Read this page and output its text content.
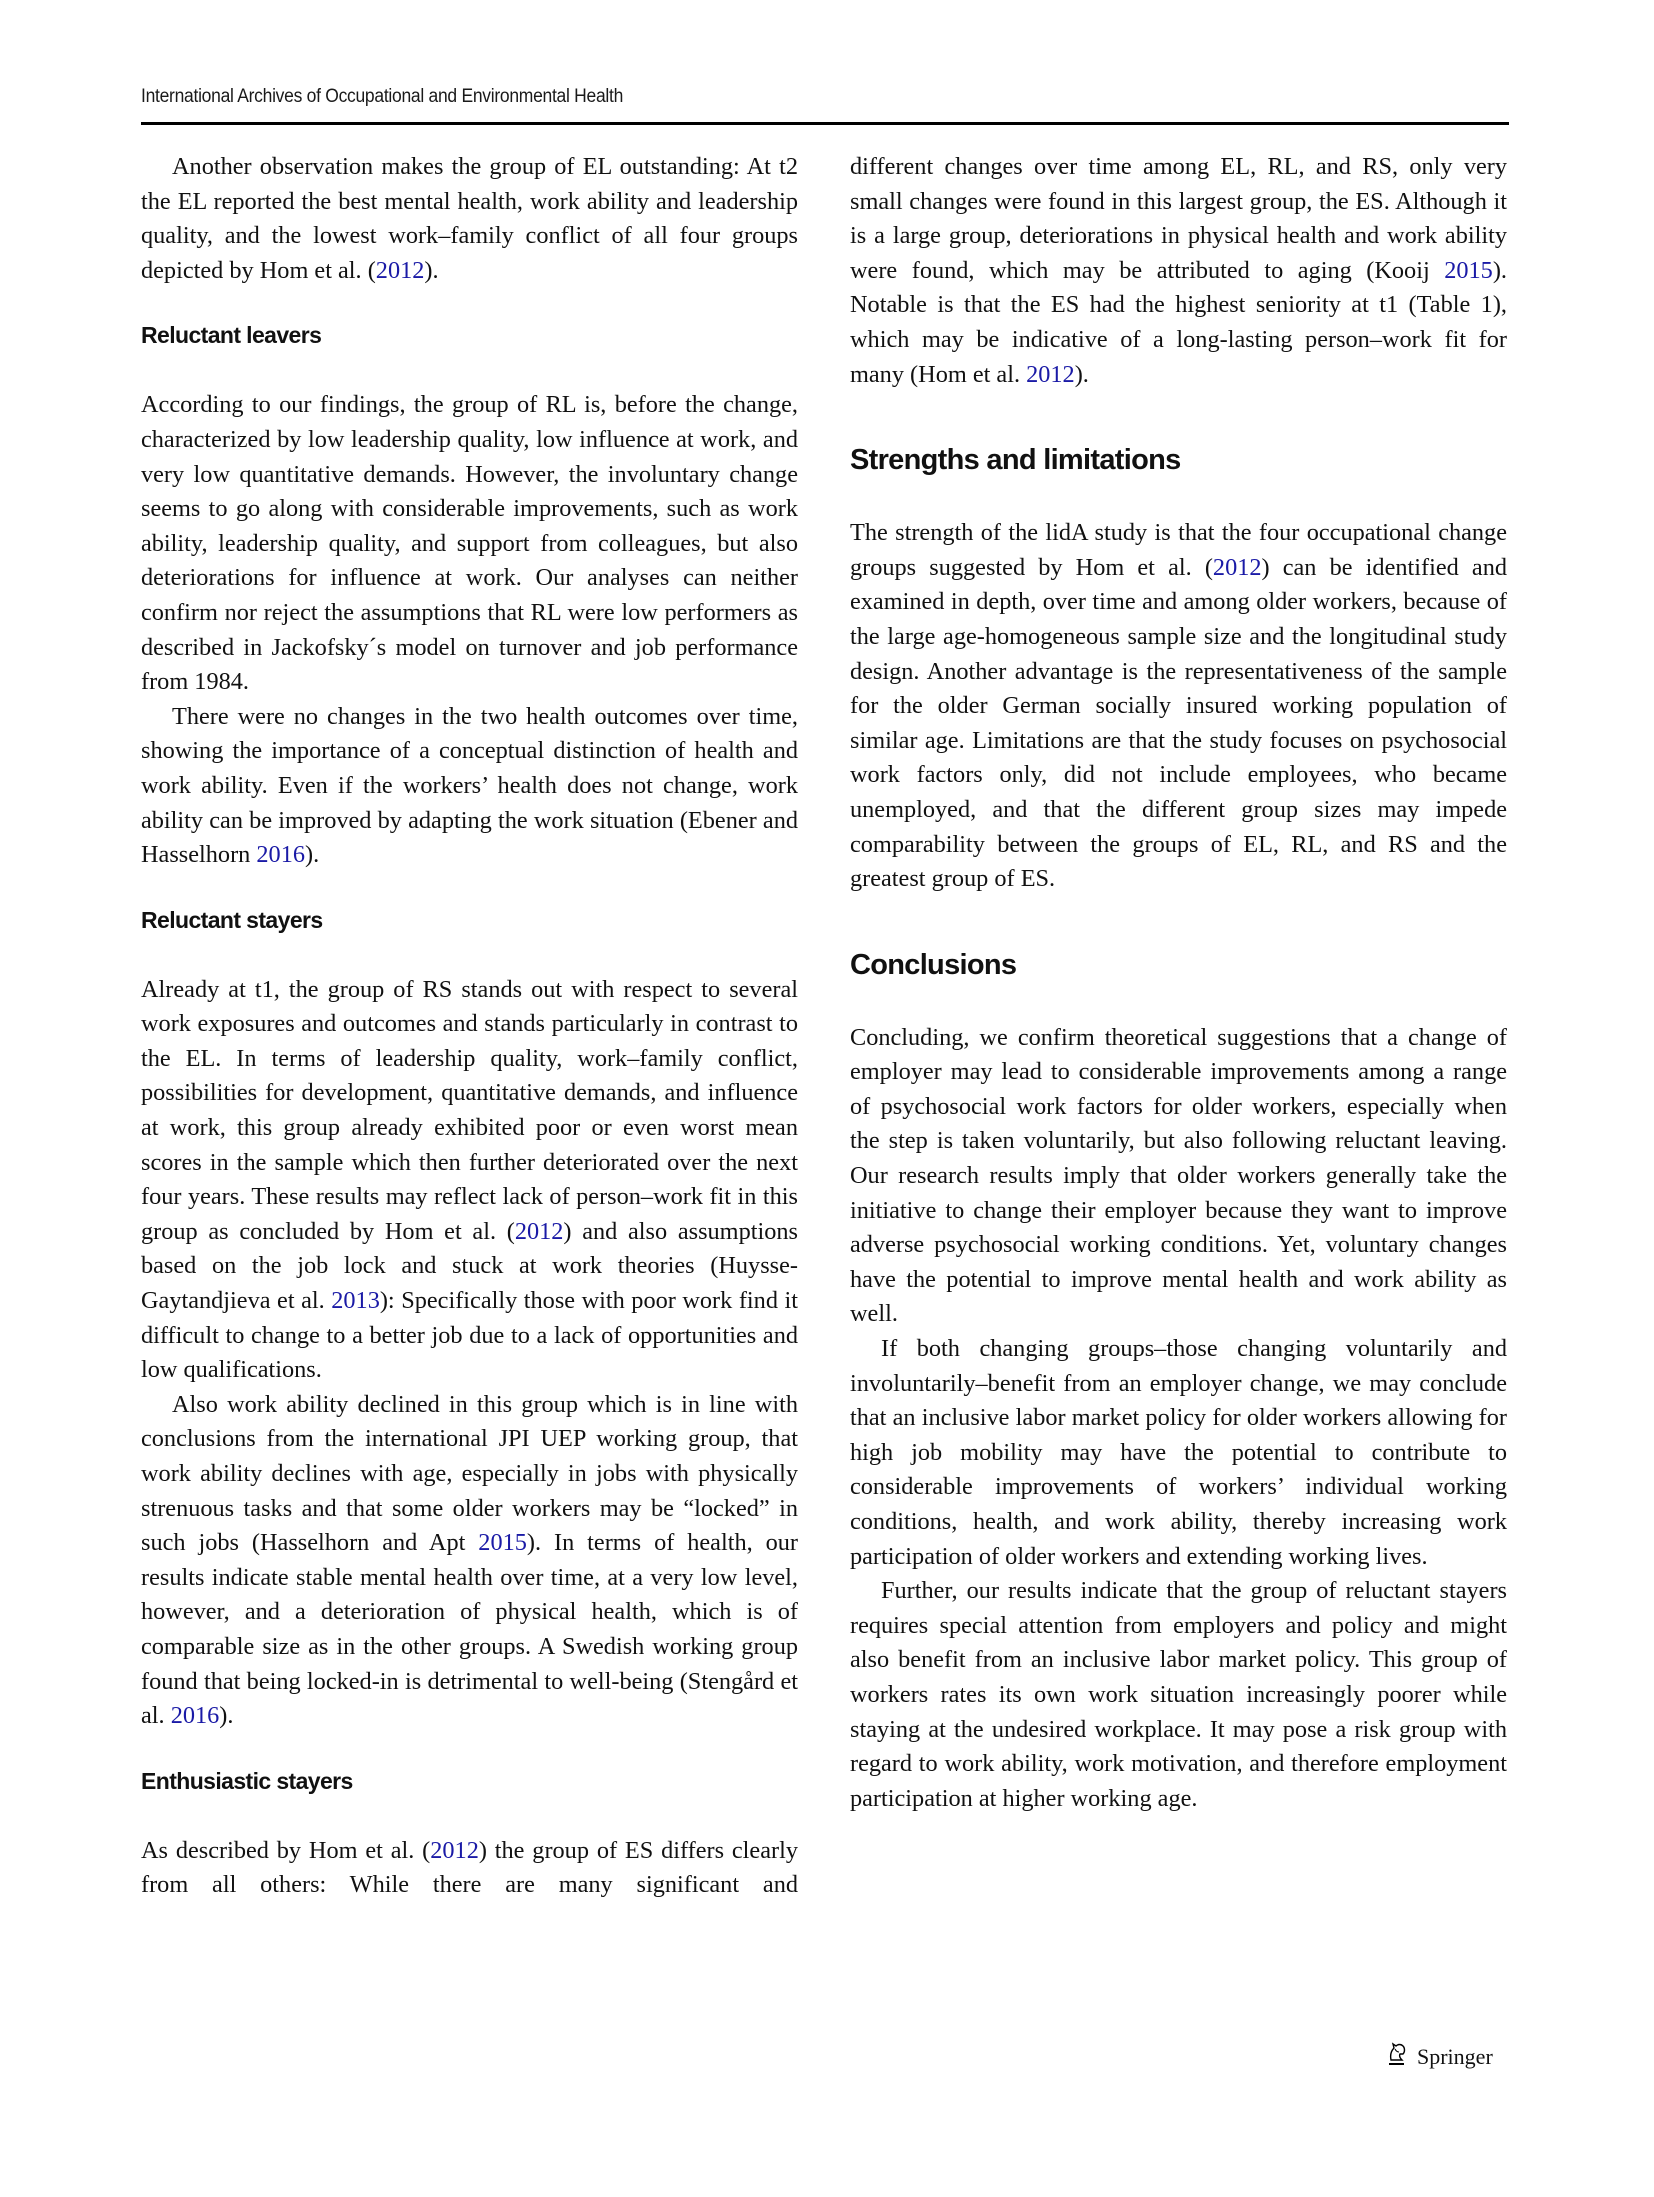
International Archives of Occupational and Environmental Health

Another observation makes the group of EL outstanding: At t2 the EL reported the best mental health, work ability and leadership quality, and the lowest work–family conflict of all four groups depicted by Hom et al. (2012).

Reluctant leavers

According to our findings, the group of RL is, before the change, characterized by low leadership quality, low influence at work, and very low quantitative demands. However, the involuntary change seems to go along with considerable improvements, such as work ability, leadership quality, and support from colleagues, but also deteriorations for influence at work. Our analyses can neither confirm nor reject the assumptions that RL were low performers as described in Jackofsky´s model on turnover and job performance from 1984.

There were no changes in the two health outcomes over time, showing the importance of a conceptual distinction of health and work ability. Even if the workers’ health does not change, work ability can be improved by adapting the work situation (Ebener and Hasselhorn 2016).

Reluctant stayers

Already at t1, the group of RS stands out with respect to several work exposures and outcomes and stands particularly in contrast to the EL. In terms of leadership quality, work–family conflict, possibilities for development, quantitative demands, and influence at work, this group already exhibited poor or even worst mean scores in the sample which then further deteriorated over the next four years. These results may reflect lack of person–work fit in this group as concluded by Hom et al. (2012) and also assumptions based on the job lock and stuck at work theories (Huysse-Gaytandjieva et al. 2013): Specifically those with poor work find it difficult to change to a better job due to a lack of opportunities and low qualifications.

Also work ability declined in this group which is in line with conclusions from the international JPI UEP working group, that work ability declines with age, especially in jobs with physically strenuous tasks and that some older workers may be “locked” in such jobs (Hasselhorn and Apt 2015). In terms of health, our results indicate stable mental health over time, at a very low level, however, and a deterioration of physical health, which is of comparable size as in the other groups. A Swedish working group found that being locked-in is detrimental to well-being (Stengård et al. 2016).

Enthusiastic stayers

As described by Hom et al. (2012) the group of ES differs clearly from all others: While there are many significant and

different changes over time among EL, RL, and RS, only very small changes were found in this largest group, the ES. Although it is a large group, deteriorations in physical health and work ability were found, which may be attributed to aging (Kooij 2015). Notable is that the ES had the highest seniority at t1 (Table 1), which may be indicative of a long-lasting person–work fit for many (Hom et al. 2012).

Strengths and limitations

The strength of the lidA study is that the four occupational change groups suggested by Hom et al. (2012) can be identified and examined in depth, over time and among older workers, because of the large age-homogeneous sample size and the longitudinal study design. Another advantage is the representativeness of the sample for the older German socially insured working population of similar age. Limitations are that the study focuses on psychosocial work factors only, did not include employees, who became unemployed, and that the different group sizes may impede comparability between the groups of EL, RL, and RS and the greatest group of ES.

Conclusions

Concluding, we confirm theoretical suggestions that a change of employer may lead to considerable improvements among a range of psychosocial work factors for older workers, especially when the step is taken voluntarily, but also following reluctant leaving. Our research results imply that older workers generally take the initiative to change their employer because they want to improve adverse psychosocial working conditions. Yet, voluntary changes have the potential to improve mental health and work ability as well.

If both changing groups–those changing voluntarily and involuntarily–benefit from an employer change, we may conclude that an inclusive labor market policy for older workers allowing for high job mobility may have the potential to contribute to considerable improvements of workers’ individual working conditions, health, and work ability, thereby increasing work participation of older workers and extending working lives.

Further, our results indicate that the group of reluctant stayers requires special attention from employers and policy and might also benefit from an inclusive labor market policy. This group of workers rates its own work situation increasingly poorer while staying at the undesired workplace. It may pose a risk group with regard to work ability, work motivation, and therefore employment participation at higher working age.

Springer
